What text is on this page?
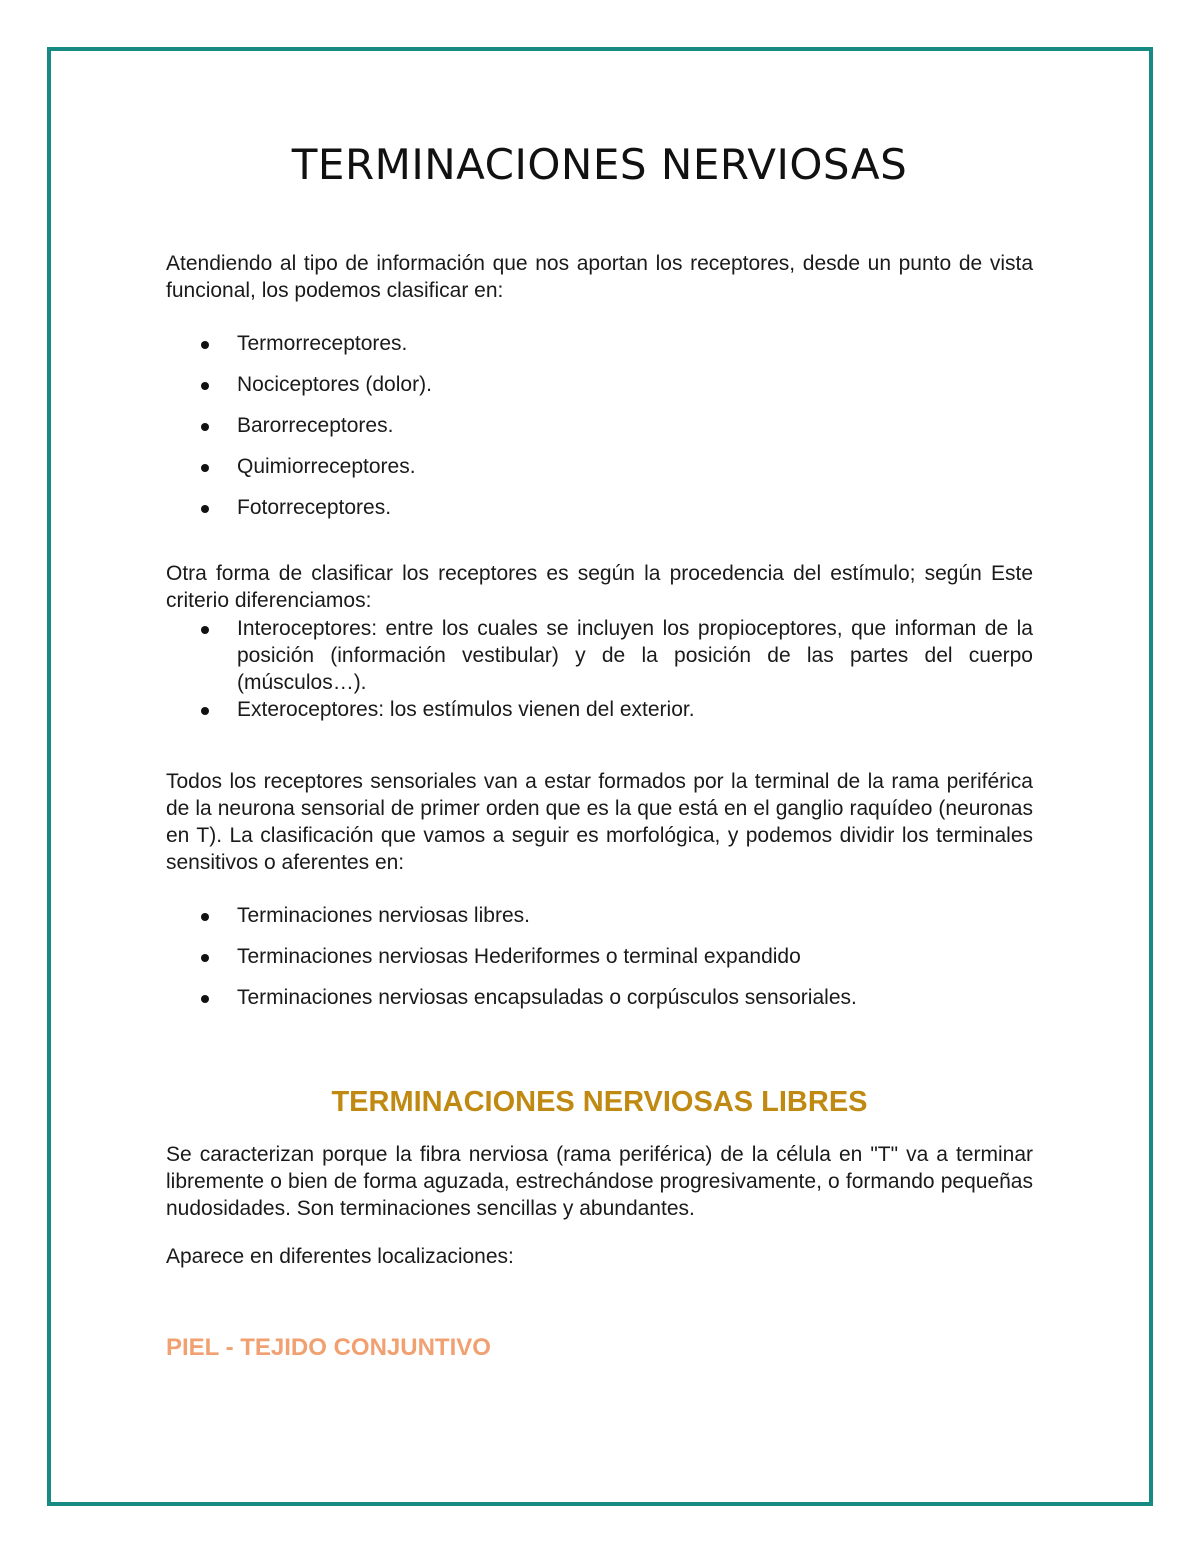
TERMINACIONES NERVIOSAS

Atendiendo al tipo de información que nos aportan los receptores, desde un punto de vista funcional, los podemos clasificar en:

Termorreceptores.
Nociceptores (dolor).
Barorreceptores.
Quimiorreceptores.
Fotorreceptores.

Otra forma de clasificar los receptores es según la procedencia del estímulo; según Este criterio diferenciamos:

Interoceptores: entre los cuales se incluyen los propioceptores, que informan de la posición (información vestibular) y de la posición de las partes del cuerpo (músculos…).
Exteroceptores: los estímulos vienen del exterior.

Todos los receptores sensoriales van a estar formados por la terminal de la rama periférica de la neurona sensorial de primer orden que es la que está en el ganglio raquídeo (neuronas en T). La clasificación que vamos a seguir es morfológica, y podemos dividir los terminales sensitivos o aferentes en:

Terminaciones nerviosas libres.
Terminaciones nerviosas Hederiformes o terminal expandido
Terminaciones nerviosas encapsuladas o corpúsculos sensoriales.
TERMINACIONES NERVIOSAS LIBRES

Se caracterizan porque la fibra nerviosa (rama periférica) de la célula en "T" va a terminar libremente o bien de forma aguzada, estrechándose progresivamente, o formando pequeñas nudosidades. Son terminaciones sencillas y abundantes.

Aparece en diferentes localizaciones:

PIEL - TEJIDO CONJUNTIVO
